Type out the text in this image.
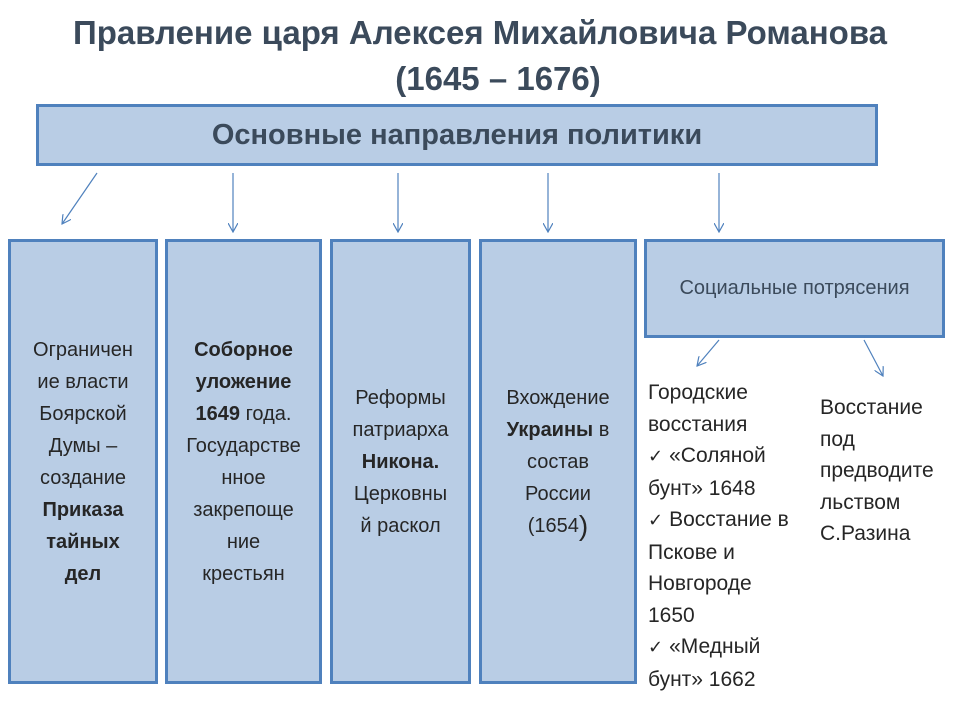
Правление царя Алексея Михайловича Романова
(1645 – 1676)
Основные направления политики
Ограничен
ие власти
Боярской
Думы –
создание
Приказа
тайных
дел
Соборное
уложение
1649 года.
Государстве
нное
закрепоще
ние
крестьян
Реформы
патриарха
Никона.
Церковны
й раскол
Вхождение
Украины в
состав
России
(1654)
Социальные потрясения
Городские
восстания
✓ «Соляной
бунт» 1648
✓ Восстание в
Пскове и
Новгороде
1650
✓ «Медный
бунт» 1662
Восстание
под
предводите
льством
С.Разина
